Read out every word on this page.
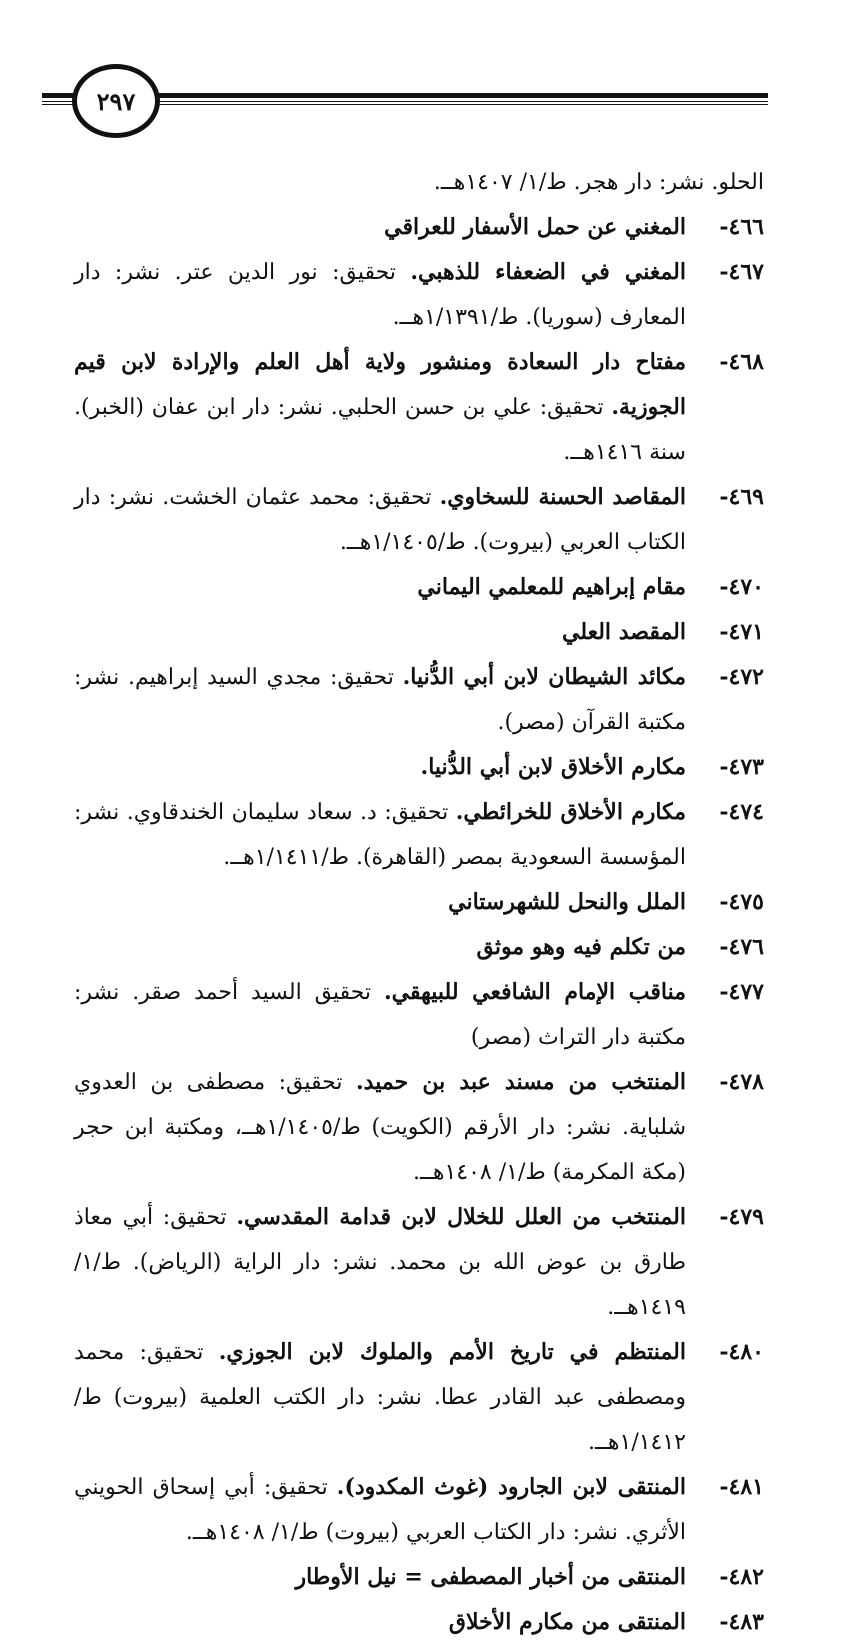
٢٩٧
الحلو. نشر: دار هجر. ط/١/ ١٤٠٧هــ.
٤٦٦-
المغني عن حمل الأسفار للعراقي
٤٦٧-
المغني في الضعفاء للذهبي. تحقيق: نور الدين عتر. نشر: دار المعارف (سوريا). ط/١/١٣٩١هــ.
٤٦٨-
مفتاح دار السعادة ومنشور ولاية أهل العلم والإرادة لابن قيم الجوزية. تحقيق: علي بن حسن الحلبي. نشر: دار ابن عفان (الخبر). سنة ١٤١٦هــ.
٤٦٩-
المقاصد الحسنة للسخاوي. تحقيق: محمد عثمان الخشت. نشر: دار الكتاب العربي (بيروت). ط/١/١٤٠٥هــ.
٤٧٠-
مقام إبراهيم للمعلمي اليماني
٤٧١-
المقصد العلي
٤٧٢-
مكائد الشيطان لابن أبي الدُّنيا. تحقيق: مجدي السيد إبراهيم. نشر: مكتبة القرآن (مصر).
٤٧٣-
مكارم الأخلاق لابن أبي الدُّنيا.
٤٧٤-
مكارم الأخلاق للخرائطي. تحقيق: د. سعاد سليمان الخندقاوي. نشر: المؤسسة السعودية بمصر (القاهرة). ط/١/١٤١١هــ.
٤٧٥-
الملل والنحل للشهرستاني
٤٧٦-
من تكلم فيه وهو موثق
٤٧٧-
مناقب الإمام الشافعي للبيهقي. تحقيق السيد أحمد صقر. نشر: مكتبة دار التراث (مصر)
٤٧٨-
المنتخب من مسند عبد بن حميد. تحقيق: مصطفى بن العدوي شلباية. نشر: دار الأرقم (الكويت) ط/١/١٤٠٥هــ، ومكتبة ابن حجر (مكة المكرمة) ط/١/ ١٤٠٨هــ.
٤٧٩-
المنتخب من العلل للخلال لابن قدامة المقدسي. تحقيق: أبي معاذ طارق بن عوض الله بن محمد. نشر: دار الراية (الرياض). ط/١/ ١٤١٩هــ.
٤٨٠-
المنتظم في تاريخ الأمم والملوك لابن الجوزي. تحقيق: محمد ومصطفى عبد القادر عطا. نشر: دار الكتب العلمية (بيروت) ط/١/١٤١٢هــ.
٤٨١-
المنتقى لابن الجارود (غوث المكدود). تحقيق: أبي إسحاق الحويني الأثري. نشر: دار الكتاب العربي (بيروت) ط/١/ ١٤٠٨هــ.
٤٨٢-
المنتقى من أخبار المصطفى = نيل الأوطار
٤٨٣-
المنتقى من مكارم الأخلاق
